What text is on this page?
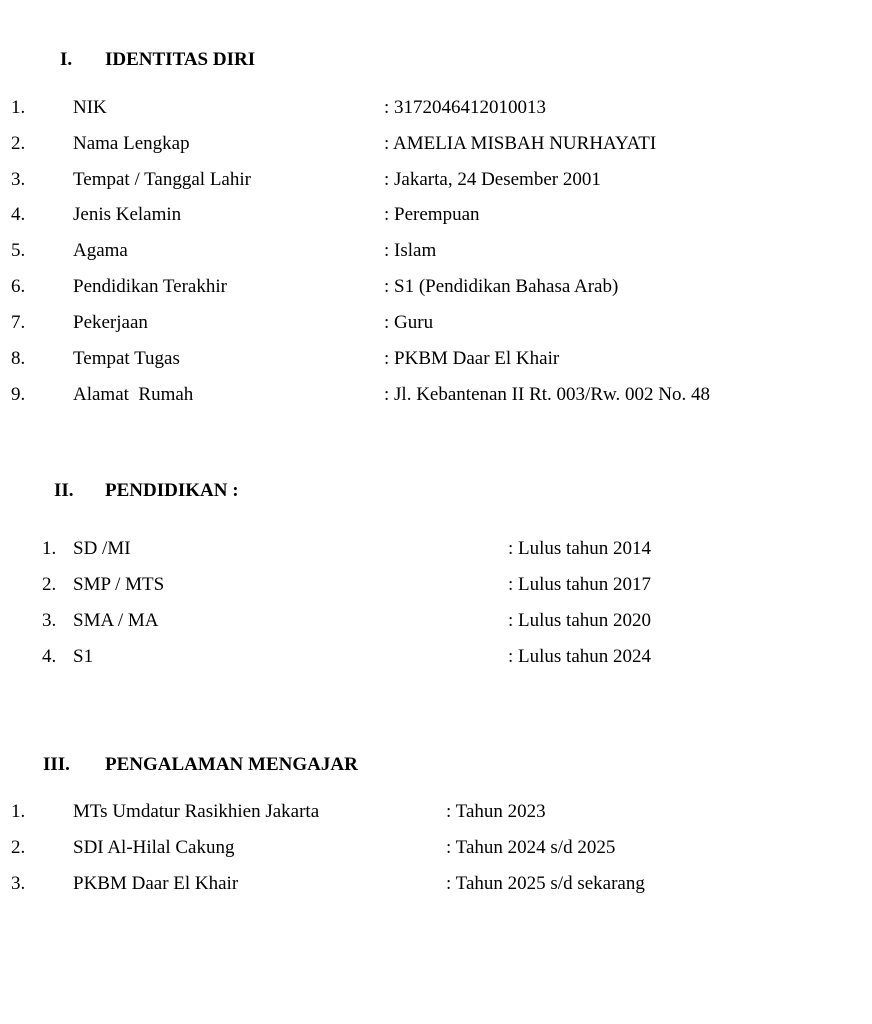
I. IDENTITAS DIRI
1.	NIK	: 3172046412010013
2.	Nama Lengkap	: AMELIA MISBAH NURHAYATI
3.	Tempat / Tanggal Lahir	: Jakarta, 24 Desember 2001
4.	Jenis Kelamin	: Perempuan
5.	Agama	: Islam
6.	Pendidikan Terakhir	: S1 (Pendidikan Bahasa Arab)
7.	Pekerjaan	: Guru
8.	Tempat Tugas	: PKBM Daar El Khair
9.	Alamat  Rumah	: Jl. Kebantenan II Rt. 003/Rw. 002 No. 48
II. PENDIDIKAN :
1. SD /MI	: Lulus tahun 2014
2. SMP / MTS	: Lulus tahun 2017
3. SMA / MA	: Lulus tahun 2020
4. S1	: Lulus tahun 2024
III. PENGALAMAN MENGAJAR
1.	MTs Umdatur Rasikhien Jakarta	: Tahun 2023
2.	SDI Al-Hilal Cakung	: Tahun 2024 s/d 2025
3.	PKBM Daar El Khair	: Tahun 2025 s/d sekarang
